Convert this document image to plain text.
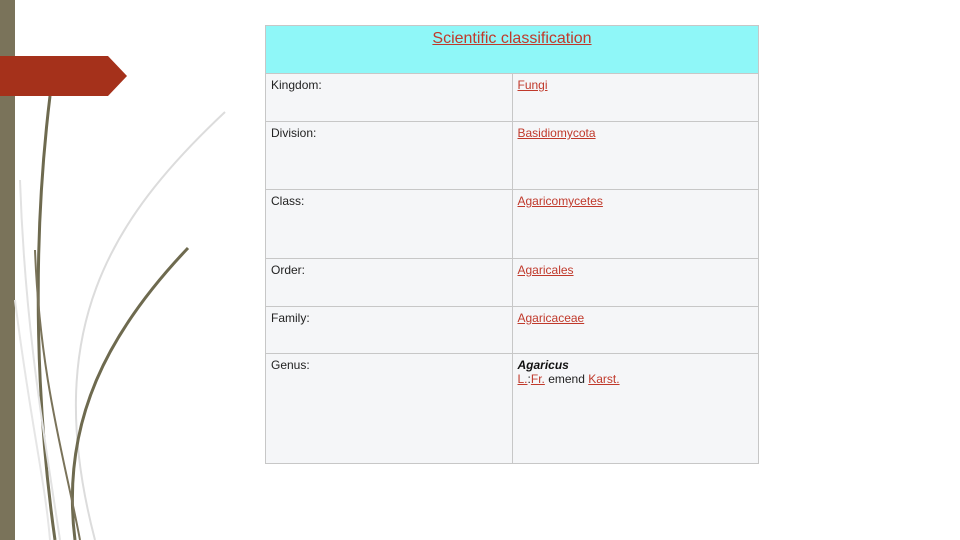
Scientific classification	
Kingdom:	Fungi
Division:	Basidiomycota
Class:	Agaricomycetes
Order:	Agaricales
Family:	Agaricaceae
Genus:	Agaricus
L.:Fr. emend Karst.
